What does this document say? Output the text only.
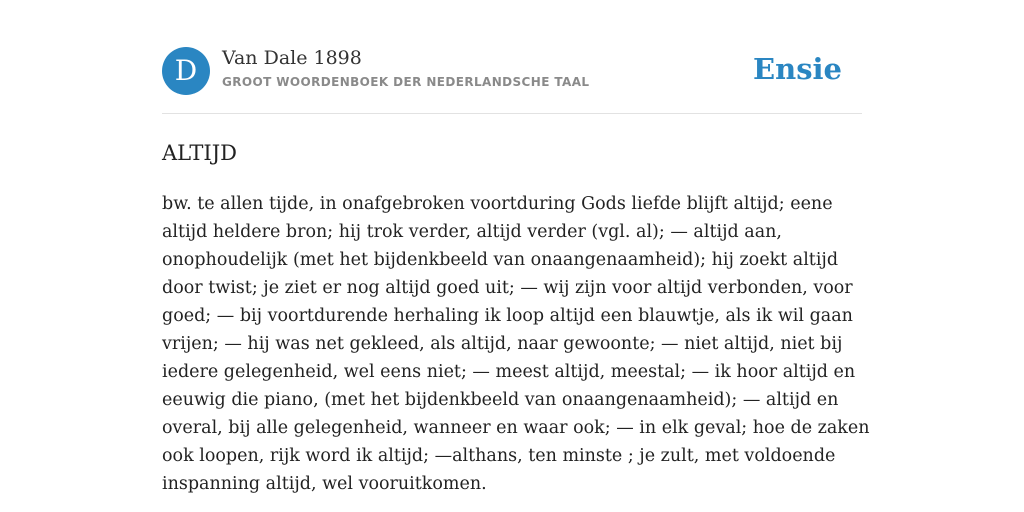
D	Van Dale 1898
GROOT WOORDENBOEK DER NEDERLANDSCHE TAAL	Ensie
ALTIJD
bw. te allen tijde, in onafgebroken voortduring Gods liefde blijft altijd; eene
altijd heldere bron; hij trok verder, altijd verder (vgl. al); — altijd aan,
onophoudelijk (met het bijdenkbeeld van onaangenaamheid); hij zoekt altijd
door twist; je ziet er nog altijd goed uit; — wij zijn voor altijd verbonden, voor
goed; — bij voortdurende herhaling ik loop altijd een blauwtje, als ik wil gaan
vrijen; — hij was net gekleed, als altijd, naar gewoonte; — niet altijd, niet bij
iedere gelegenheid, wel eens niet; — meest altijd, meestal; — ik hoor altijd en
eeuwig die piano, (met het bijdenkbeeld van onaangenaamheid); — altijd en
overal, bij alle gelegenheid, wanneer en waar ook; — in elk geval; hoe de zaken
ook loopen, rijk word ik altijd; —althans, ten minste ; je zult, met voldoende
inspanning altijd, wel vooruitkomen.
